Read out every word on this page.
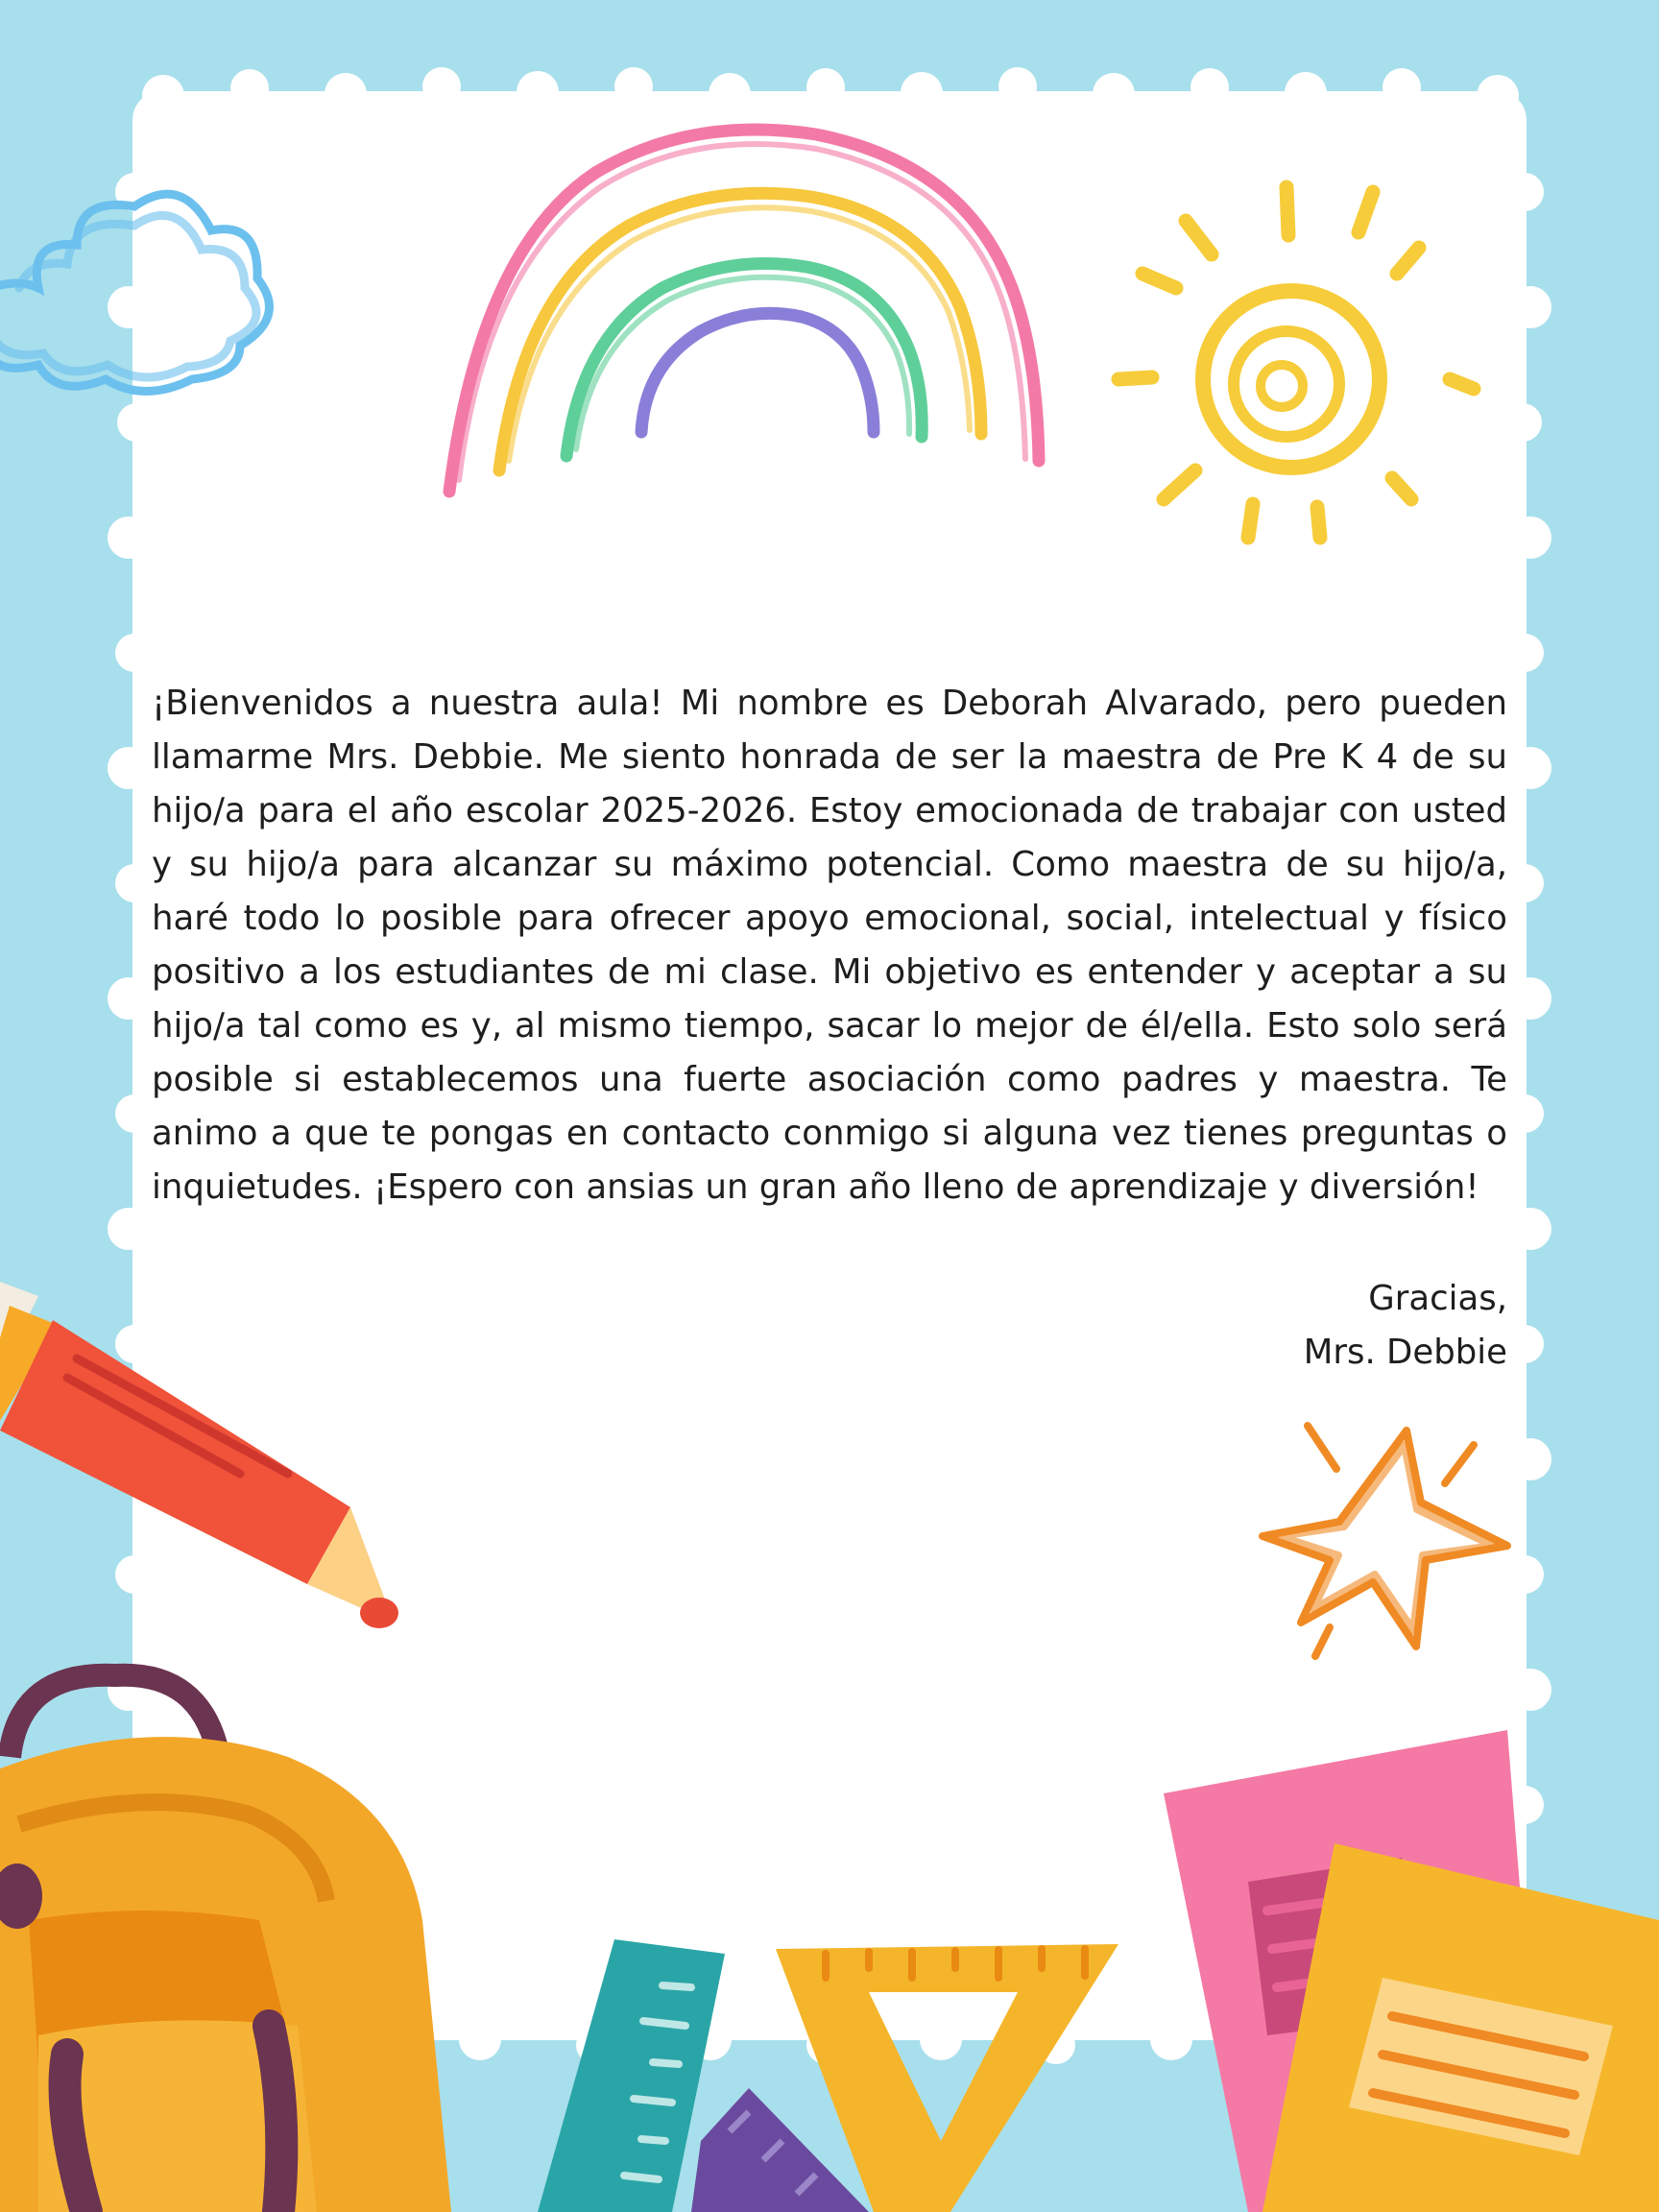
¡Bienvenidos a nuestra aula! Mi nombre es Deborah Alvarado, pero pueden llamarme Mrs. Debbie. Me siento honrada de ser la maestra de Pre K 4 de su hijo/a para el año escolar 2025-2026. Estoy emocionada de trabajar con usted y su hijo/a para alcanzar su máximo potencial. Como maestra de su hijo/a, haré todo lo posible para ofrecer apoyo emocional, social, intelectual y físico positivo a los estudiantes de mi clase. Mi objetivo es entender y aceptar a su hijo/a tal como es y, al mismo tiempo, sacar lo mejor de él/ella. Esto solo será posible si establecemos una fuerte asociación como padres y maestra. Te animo a que te pongas en contacto conmigo si alguna vez tienes preguntas o inquietudes. ¡Espero con ansias un gran año lleno de aprendizaje y diversión!

Gracias,
Mrs. Debbie
